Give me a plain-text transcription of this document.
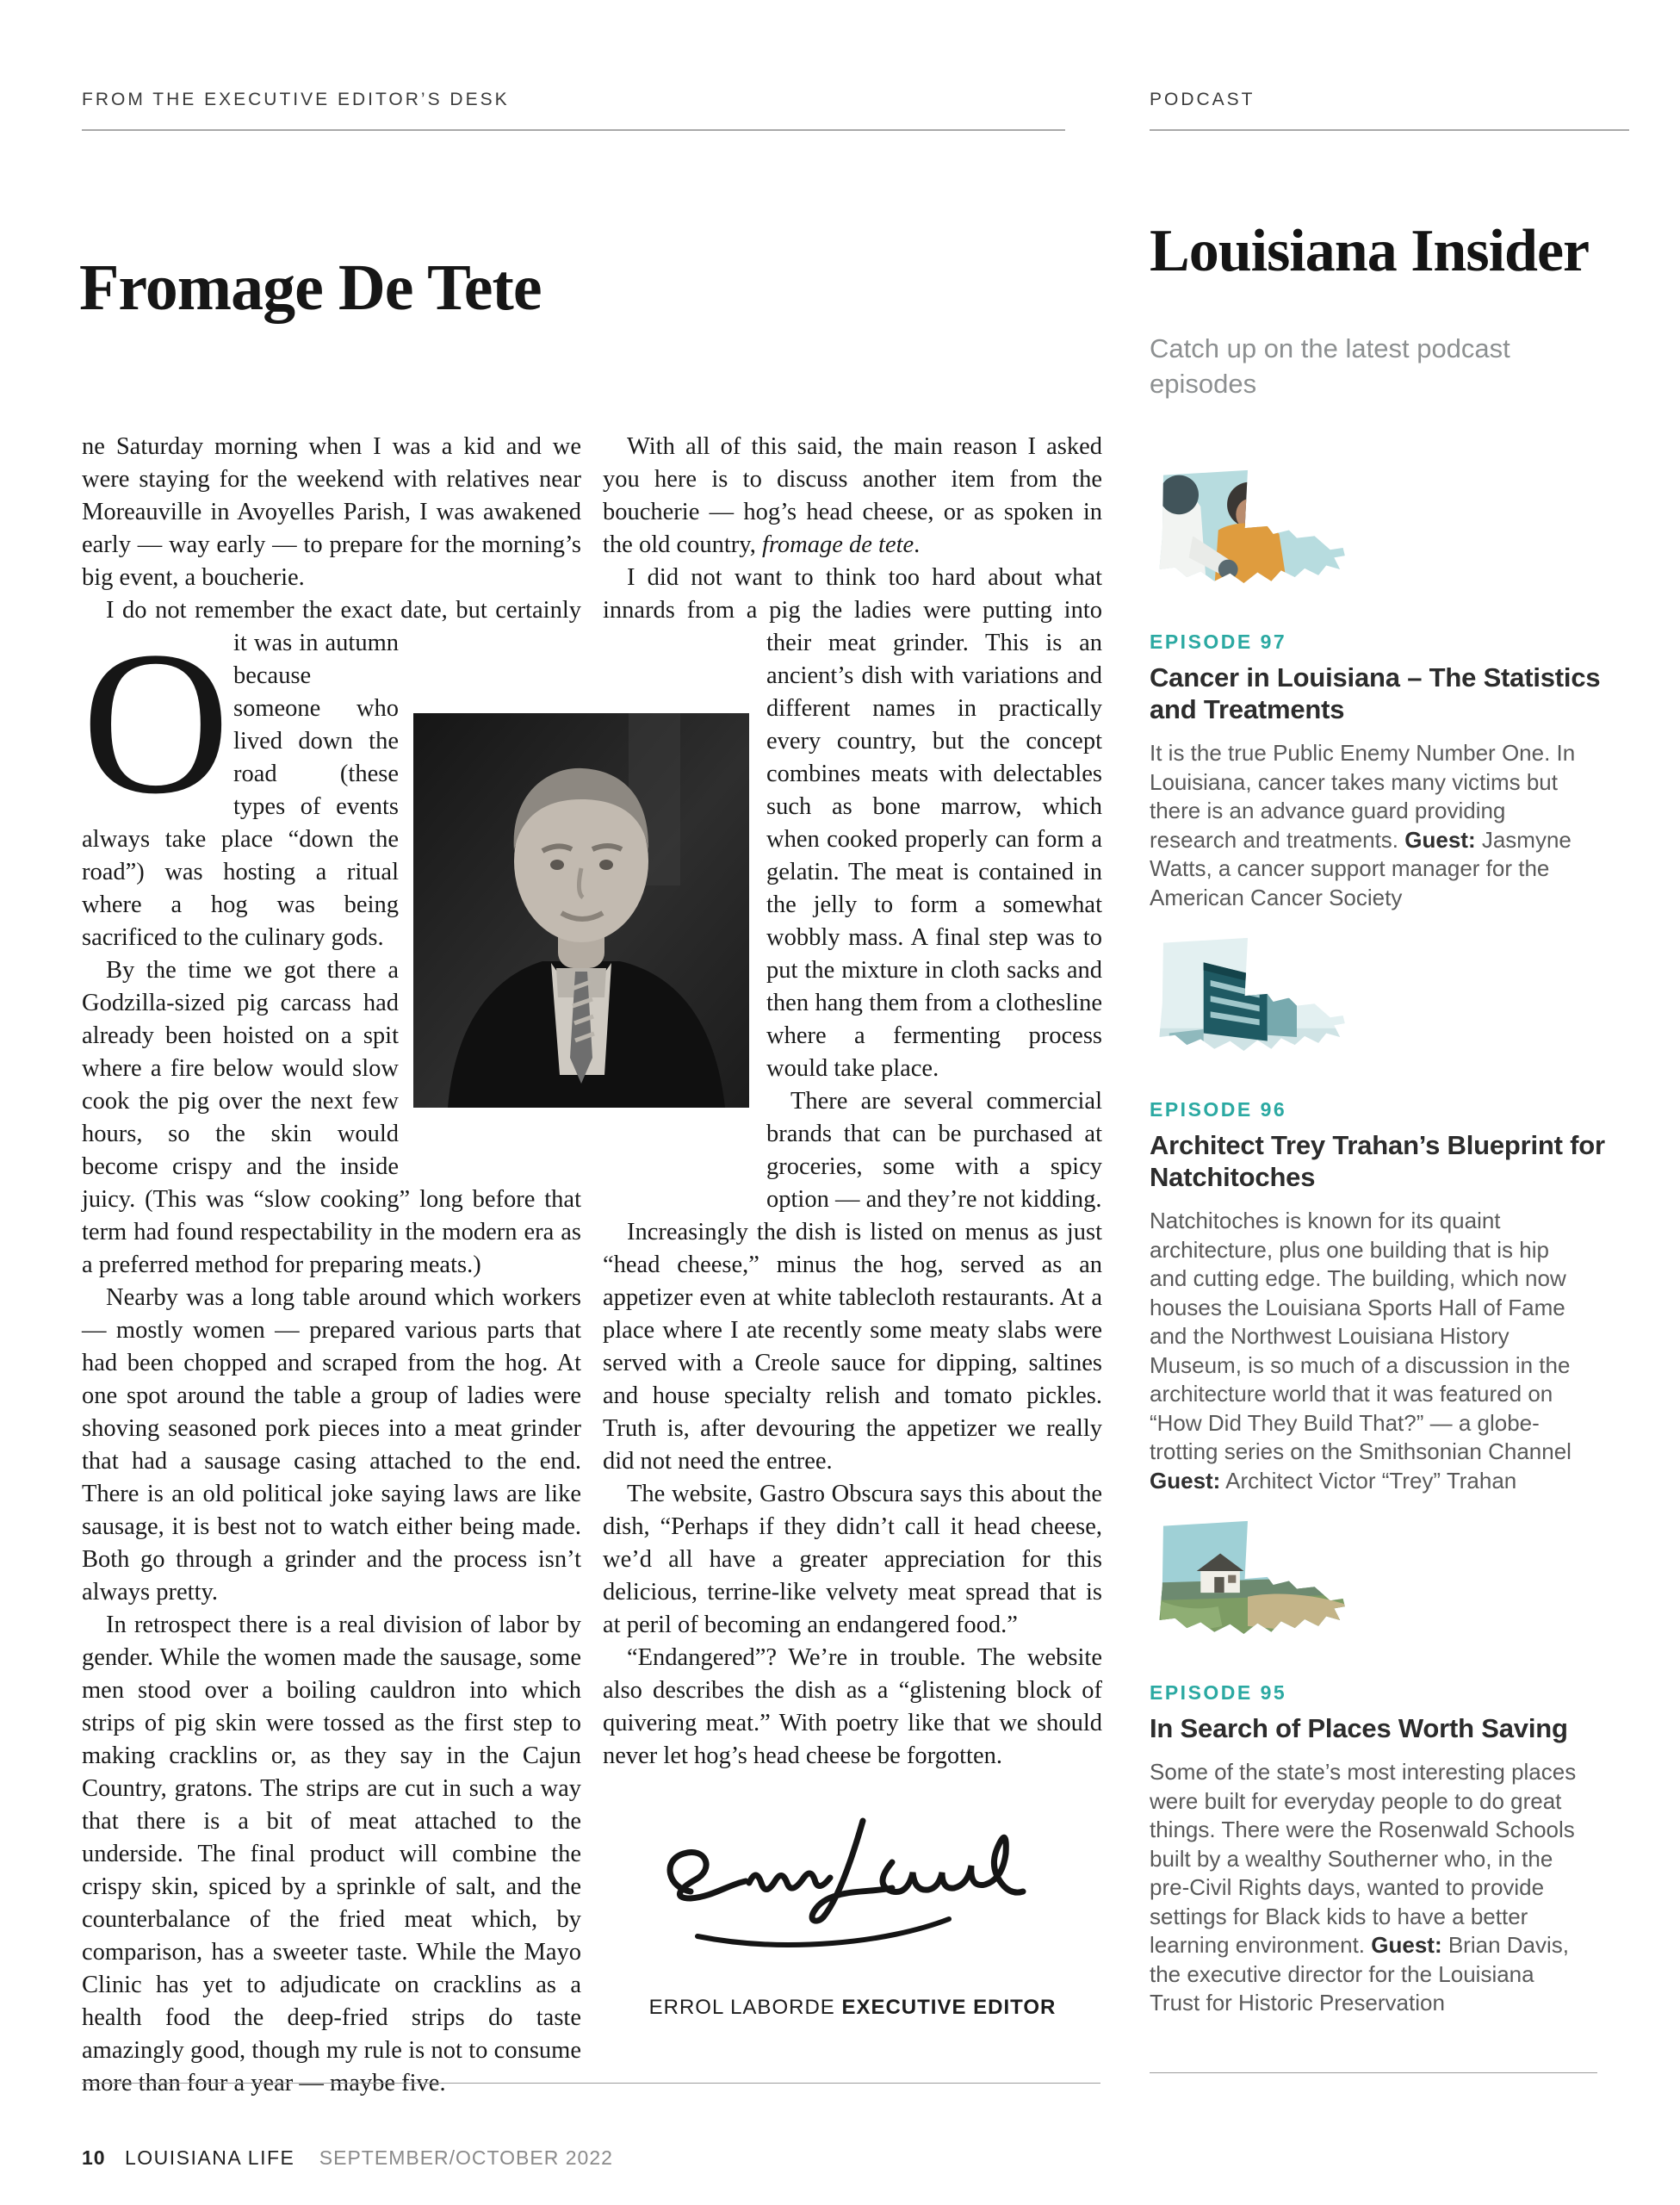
FROM THE EXECUTIVE EDITOR’S DESK	PODCAST
Fromage De Tete

O
ne Saturday morning when I was a kid and we were staying for the weekend with relatives near Moreauville in Avoyelles Parish, I was awakened early — way early — to prepare for the morning’s big event, a boucherie.

I do not remember the exact date, but certainly it was in autumn because someone who lived down the road (these types of events always take place “down the road”) was hosting a ritual where a hog was being sacrificed to the culinary gods.

By the time we got there a Godzilla-sized pig carcass had already been hoisted on a spit where a fire below would slow cook the pig over the next few hours, so the skin would become crispy and the inside juicy. (This was “slow cooking” long before that term had found respectability in the modern era as a preferred method for preparing meats.)

Nearby was a long table around which workers — mostly women — prepared various parts that had been chopped and scraped from the hog. At one spot around the table a group of ladies were shoving seasoned pork pieces into a meat grinder that had a sausage casing attached to the end. There is an old political joke saying laws are like sausage, it is best not to watch either being made. Both go through a grinder and the process isn’t always pretty.

In retrospect there is a real division of labor by gender. While the women made the sausage, some men stood over a boiling cauldron into which strips of pig skin were tossed as the first step to making cracklins or, as they say in the Cajun Country, gratons. The strips are cut in such a way that there is a bit of meat attached to the underside. The final product will combine the crispy skin, spiced by a sprinkle of salt, and the counterbalance of the fried meat which, by comparison, has a sweeter taste. While the Mayo Clinic has yet to adjudicate on cracklins as a health food the deep-fried strips do taste amazingly good, though my rule is not to consume more than four a year — maybe five.

With all of this said, the main reason I asked you here is to discuss another item from the boucherie — hog’s head cheese, or as spoken in the old country, fromage de tete.

I did not want to think too hard about what innards from a pig the ladies were putting into their meat grinder. This is an ancient’s dish with variations and different names in practically every country, but the concept combines meats with delectables such as bone marrow, which when cooked properly can form a gelatin. The meat is contained in the jelly to form a somewhat wobbly mass. A final step was to put the mixture in cloth sacks and then hang them from a clothesline where a fermenting process would take place.

There are several commercial brands that can be purchased at groceries, some with a spicy option — and they’re not kidding.

Increasingly the dish is listed on menus as just “head cheese,” minus the hog, served as an appetizer even at white tablecloth restaurants. At a place where I ate recently some meaty slabs were served with a Creole sauce for dipping, saltines and house specialty relish and tomato pickles. Truth is, after devouring the appetizer we really did not need the entree.

The website, Gastro Obscura says this about the dish, “Perhaps if they didn’t call it head cheese, we’d all have a greater appreciation for this delicious, terrine-like velvety meat spread that is at peril of becoming an endangered food.”

“Endangered”? We’re in trouble. The website also describes the dish as a “glistening block of quivering meat.” With poetry like that we should never let hog’s head cheese be forgotten.

ERROL LABORDE EXECUTIVE EDITOR
Louisiana Insider
Catch up on the latest podcast episodes
EPISODE 97
Cancer in Louisiana – The Statistics and Treatments
It is the true Public Enemy Number One. In Louisiana, cancer takes many victims but there is an advance guard providing research and treatments. Guest: Jasmyne Watts, a cancer support manager for the American Cancer Society
EPISODE 96
Architect Trey Trahan’s Blueprint for Natchitoches
Natchitoches is known for its quaint architecture, plus one building that is hip and cutting edge. The building, which now houses the Louisiana Sports Hall of Fame and the Northwest Louisiana History Museum, is so much of a discussion in the architecture world that it was featured on “How Did They Build That?” — a globe-trotting series on the Smithsonian Channel Guest: Architect Victor “Trey” Trahan
EPISODE 95
In Search of Places Worth Saving
Some of the state’s most interesting places were built for everyday people to do great things. There were the Rosenwald Schools built by a wealthy Southerner who, in the pre-Civil Rights days, wanted to provide settings for Black kids to have a better learning environment. Guest: Brian Davis, the executive director for the Louisiana Trust for Historic Preservation
10 LOUISIANA LIFE SEPTEMBER/OCTOBER 2022
